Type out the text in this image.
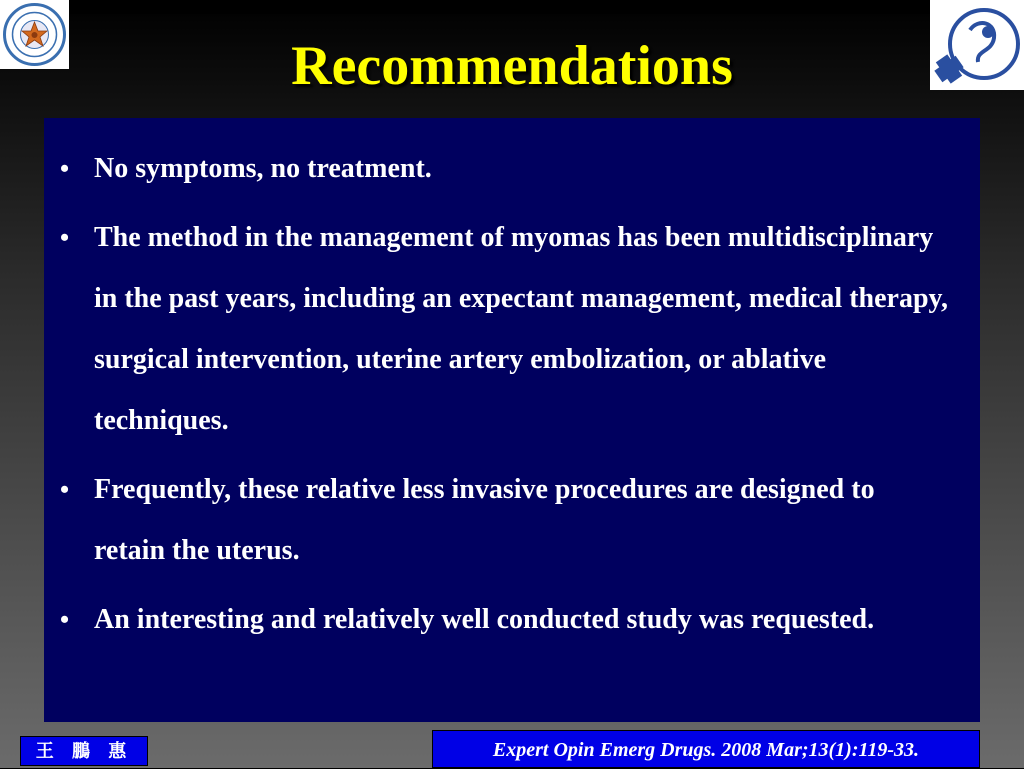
Recommendations
• No symptoms, no treatment.
• The method in the management of myomas has been multidisciplinary in the past years, including an expectant management, medical therapy, surgical intervention, uterine artery embolization, or ablative techniques.
• Frequently, these relative less invasive procedures are designed to retain the uterus.
• An interesting and relatively well conducted study was requested.
王 鵬 惠	Expert Opin Emerg Drugs. 2008 Mar;13(1):119-33.
